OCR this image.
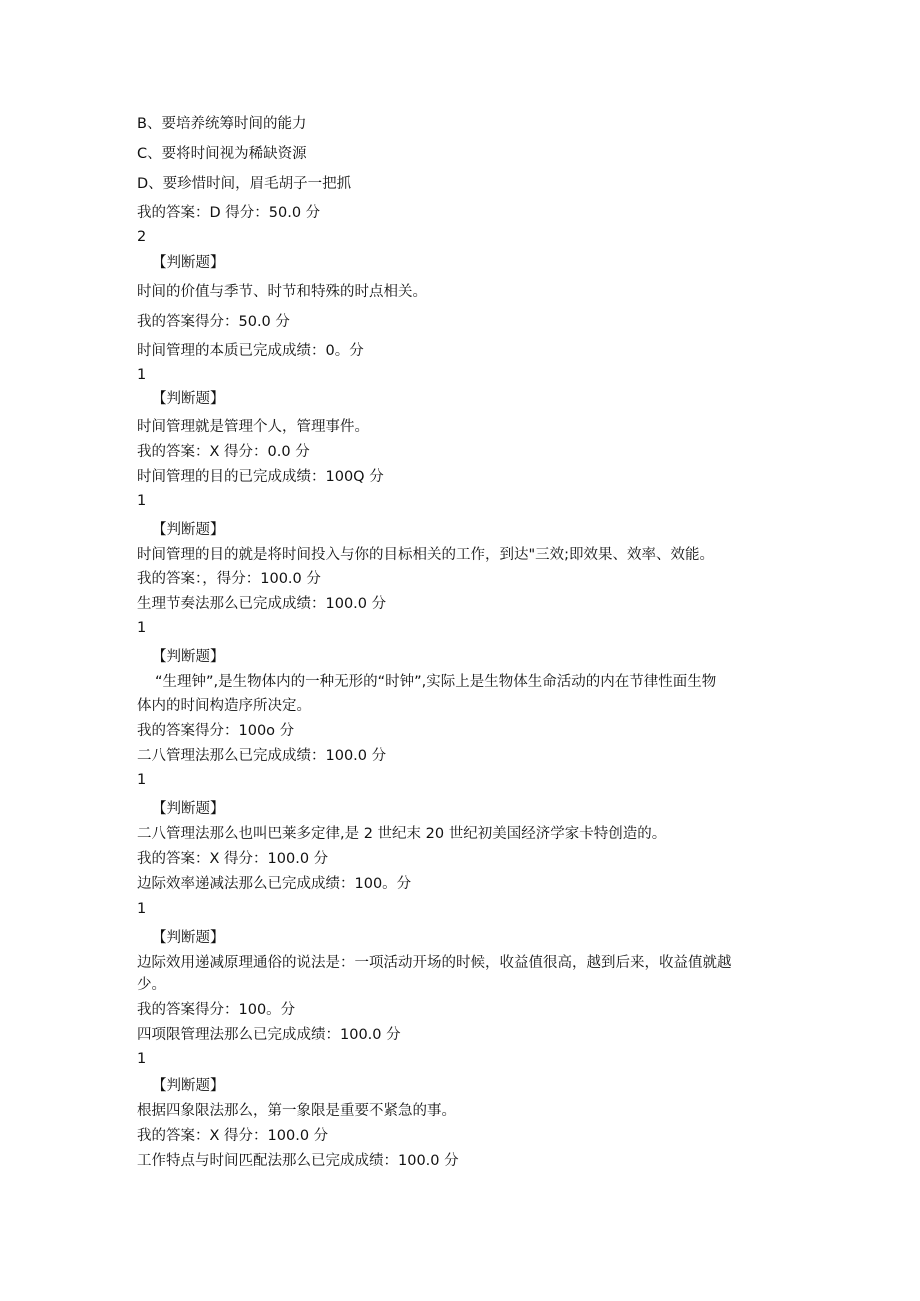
B、要培养统筹时间的能力
C、要将时间视为稀缺资源
D、要珍惜时间，眉毛胡子一把抓
我的答案：D 得分：50.0 分
2
【判断题】
时间的价值与季节、时节和特殊的时点相关。
我的答案得分：50.0 分
时间管理的本质已完成成绩：0。分
1
【判断题】
时间管理就是管理个人，管理事件。
我的答案：X 得分：0.0 分
时间管理的目的已完成成绩：100Q 分
1
【判断题】
时间管理的目的就是将时间投入与你的目标相关的工作，到达"三效;即效果、效率、效能。
我的答案：，得分：100.0 分
生理节奏法那么已完成成绩：100.0 分
1
【判断题】
“生理钟”,是生物体内的一种无形的“时钟”,实际上是生物体生命活动的内在节律性面生物
体内的时间构造序所决定。
我的答案得分：100o 分
二八管理法那么已完成成绩：100.0 分
1
【判断题】
二八管理法那么也叫巴莱多定律,是 2 世纪末 20 世纪初美国经济学家卡特创造的。
我的答案：X 得分：100.0 分
边际效率递减法那么已完成成绩：100。分
1
【判断题】
边际效用递减原理通俗的说法是：一项活动开场的时候，收益值很高，越到后来，收益值就越
少。
我的答案得分：100。分
四项限管理法那么已完成成绩：100.0 分
1
【判断题】
根据四象限法那么，第一象限是重要不紧急的事。
我的答案：X 得分：100.0 分
工作特点与时间匹配法那么已完成成绩：100.0 分
